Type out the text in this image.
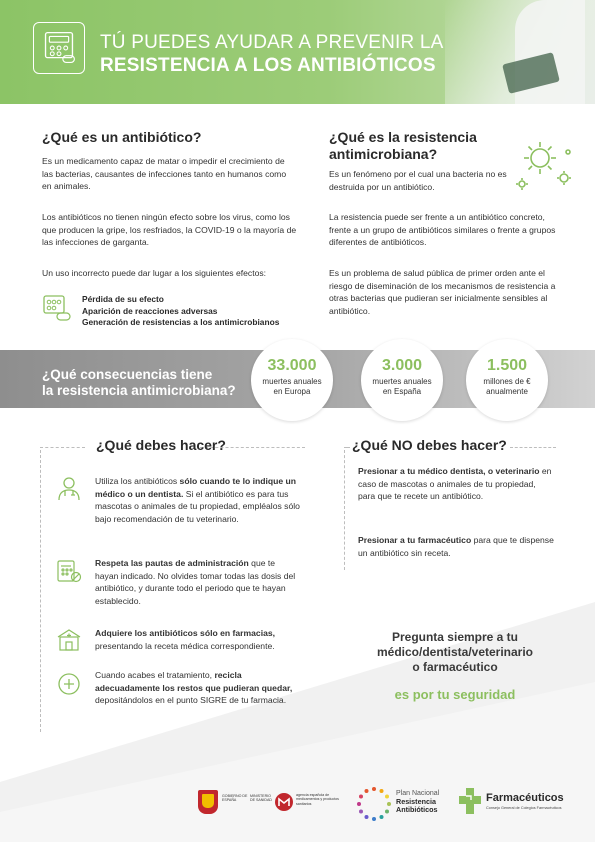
TÚ PUEDES AYUDAR A PREVENIR LA
RESISTENCIA A LOS ANTIBIÓTICOS
¿Qué es un antibiótico?
Es un medicamento capaz de matar o impedir el crecimiento de las bacterias, causantes de infecciones tanto en humanos como en animales.
Los antibióticos no tienen ningún efecto sobre los virus, como los que producen la gripe, los resfriados, la COVID-19 o la mayoría de las infecciones de garganta.
Un uso incorrecto puede dar lugar a los siguientes efectos:
Pérdida de su efecto
Aparición de reacciones adversas
Generación de resistencias a los antimicrobianos
¿Qué es la resistencia
antimicrobiana?
Es un fenómeno por el cual una bacteria no es destruida por un antibiótico.
La resistencia puede ser frente a un antibiótico concreto, frente a un grupo de antibióticos similares o frente a grupos diferentes de antibióticos.
Es un problema de salud pública de primer orden ante el riesgo de diseminación de los mecanismos de resistencia a otras bacterias que pudieran ser inicialmente sensibles al antibiótico.
¿Qué consecuencias tiene
la resistencia antimicrobiana?
33.000
muertes anuales en Europa
3.000
muertes anuales en España
1.500
millones de € anualmente
¿Qué debes hacer?
Utiliza los antibióticos sólo cuando te lo indique un médico o un dentista. Si el antibiótico es para tus mascotas o animales de tu propiedad, empléalos sólo bajo recomendación de tu veterinario.
Respeta las pautas de administración que te hayan indicado. No olvides tomar todas las dosis del antibiótico, y durante todo el periodo que te hayan establecido.
Adquiere los antibióticos sólo en farmacias, presentando la receta médica correspondiente.
Cuando acabes el tratamiento, recicla adecuadamente los restos que pudieran quedar, depositándolos en el punto SIGRE de tu farmacia.
¿Qué NO debes hacer?
Presionar a tu médico dentista, o veterinario en caso de mascotas o animales de tu propiedad, para que te recete un antibiótico.
Presionar a tu farmacéutico para que te dispense un antibiótico sin receta.
Pregunta siempre a tu
médico/dentista/veterinario
o farmacéutico
es por tu seguridad
GOBIERNO DE ESPAÑA
MINISTERIO DE SANIDAD
agencia española de medicamentos y productos sanitarios
Plan Nacional
Resistencia
Antibióticos
Farmacéuticos
Consejo General de Colegios Farmacéuticos
